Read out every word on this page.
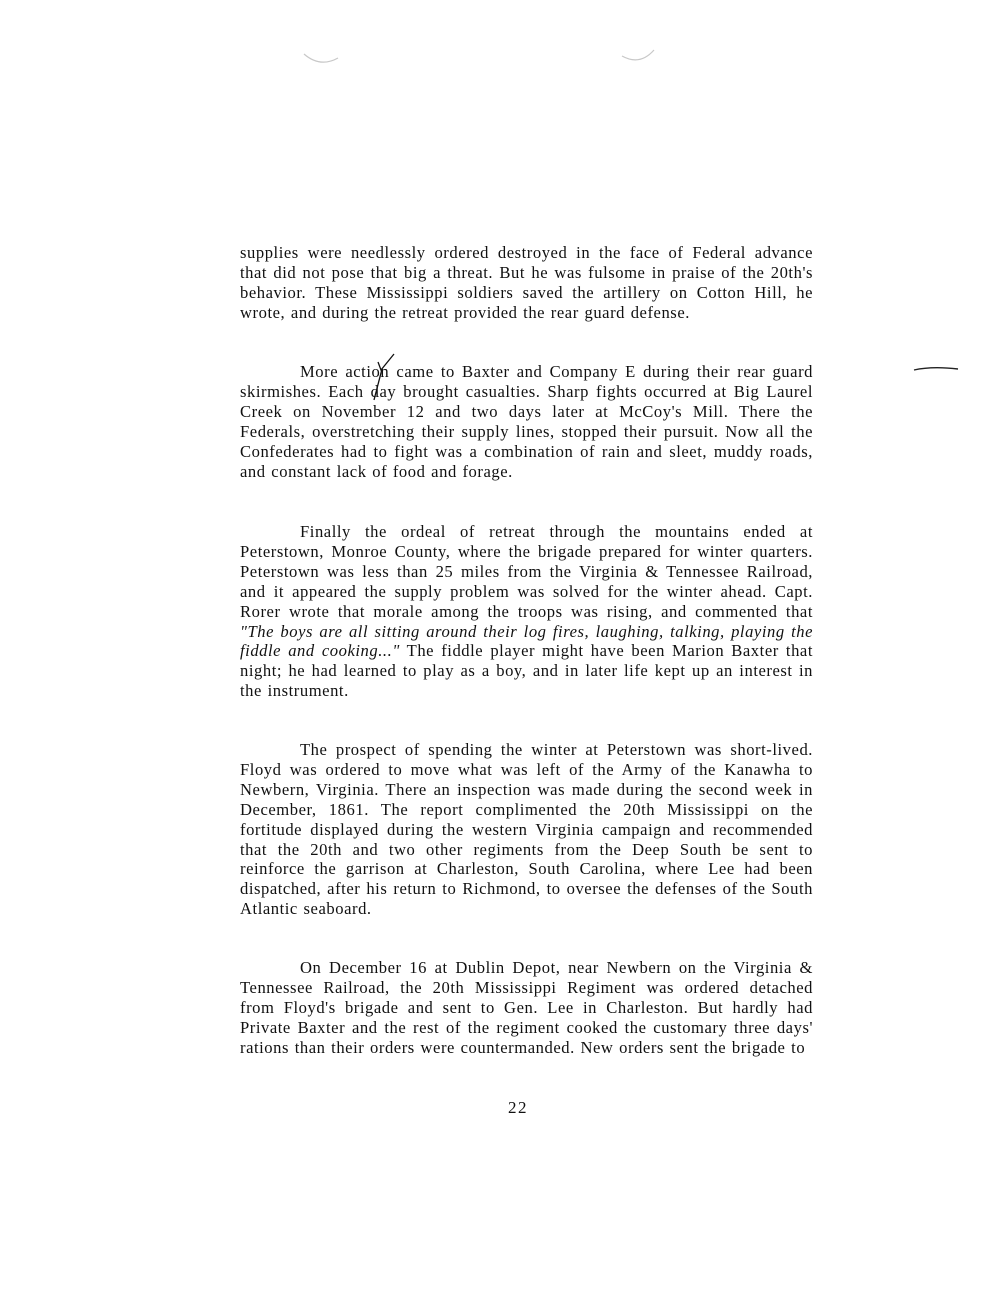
supplies were needlessly ordered destroyed in the face of Federal advance that did not pose that big a threat. But he was fulsome in praise of the 20th's behavior. These Mississippi soldiers saved the artillery on Cotton Hill, he wrote, and during the retreat provided the rear guard defense.

More action came to Baxter and Company E during their rear guard skirmishes. Each day brought casualties. Sharp fights occurred at Big Laurel Creek on November 12 and two days later at McCoy's Mill. There the Federals, overstretching their supply lines, stopped their pursuit. Now all the Confederates had to fight was a combination of rain and sleet, muddy roads, and constant lack of food and forage.

Finally the ordeal of retreat through the mountains ended at Peterstown, Monroe County, where the brigade prepared for winter quarters. Peterstown was less than 25 miles from the Virginia & Tennessee Railroad, and it appeared the supply problem was solved for the winter ahead. Capt. Rorer wrote that morale among the troops was rising, and commented that "The boys are all sitting around their log fires, laughing, talking, playing the fiddle and cooking..." The fiddle player might have been Marion Baxter that night; he had learned to play as a boy, and in later life kept up an interest in the instrument.

The prospect of spending the winter at Peterstown was short-lived. Floyd was ordered to move what was left of the Army of the Kanawha to Newbern, Virginia. There an inspection was made during the second week in December, 1861. The report complimented the 20th Mississippi on the fortitude displayed during the western Virginia campaign and recommended that the 20th and two other regiments from the Deep South be sent to reinforce the garrison at Charleston, South Carolina, where Lee had been dispatched, after his return to Richmond, to oversee the defenses of the South Atlantic seaboard.

On December 16 at Dublin Depot, near Newbern on the Virginia & Tennessee Railroad, the 20th Mississippi Regiment was ordered detached from Floyd's brigade and sent to Gen. Lee in Charleston. But hardly had Private Baxter and the rest of the regiment cooked the customary three days' rations than their orders were countermanded. New orders sent the brigade to

22
